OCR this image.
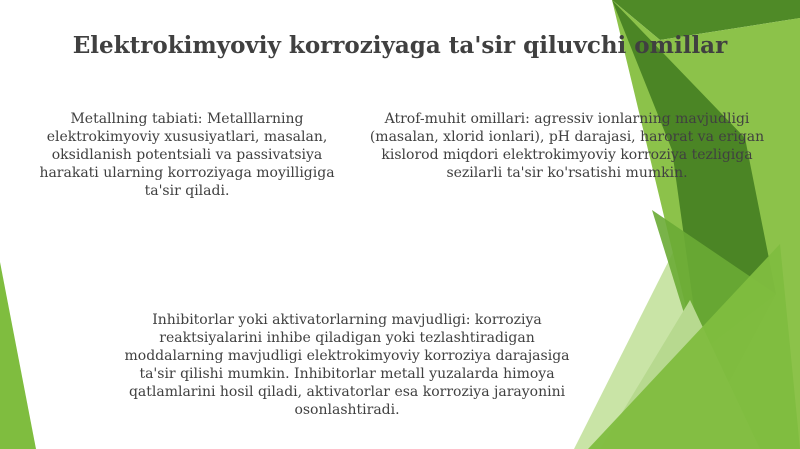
Elektrokimyoviy korroziyaga ta'sir qiluvchi omillar

Metallning tabiati: Metalllarning elektrokimyoviy xususiyatlari, masalan, oksidlanish potentsiali va passivatsiya harakati ularning korroziyaga moyilligiga ta'sir qiladi.

Atrof-muhit omillari: agressiv ionlarning mavjudligi (masalan, xlorid ionlari), pH darajasi, harorat va erigan kislorod miqdori elektrokimyoviy korroziya tezligiga sezilarli ta'sir ko'rsatishi mumkin.

Inhibitorlar yoki aktivatorlarning mavjudligi: korroziya reaktsiyalarini inhibe qiladigan yoki tezlashtiradigan moddalarning mavjudligi elektrokimyoviy korroziya darajasiga ta'sir qilishi mumkin. Inhibitorlar metall yuzalarda himoya qatlamlarini hosil qiladi, aktivatorlar esa korroziya jarayonini osonlashtiradi.
